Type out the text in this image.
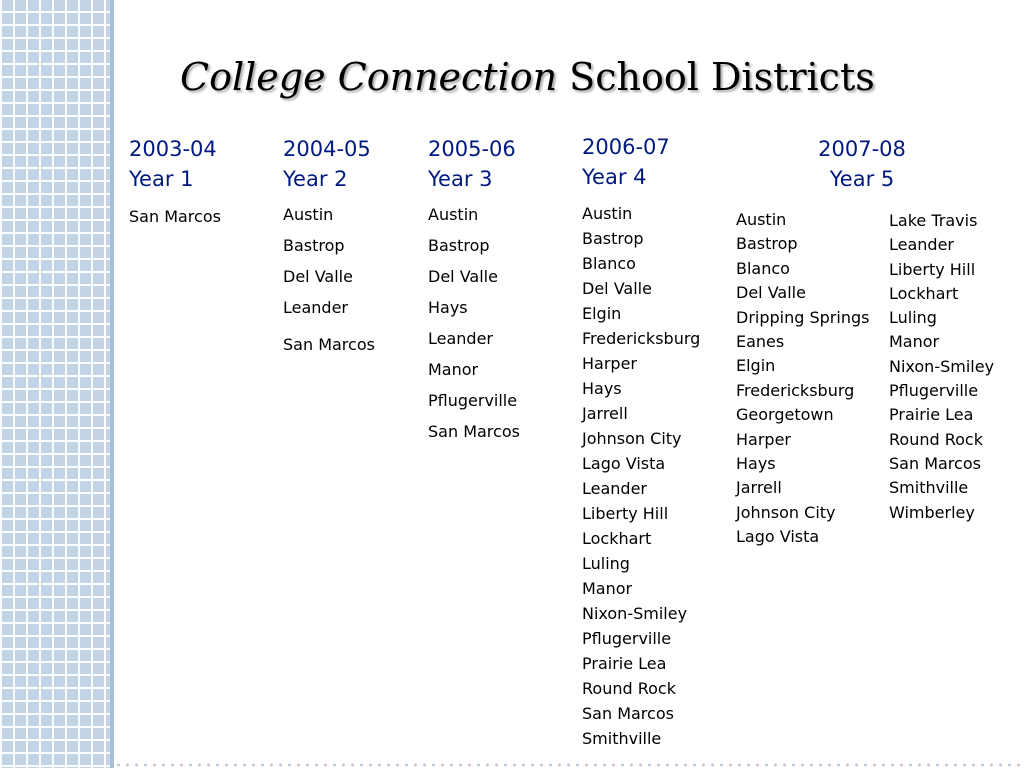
College Connection School Districts
2003-04
Year 1
San Marcos
2004-05
Year 2
Austin
Bastrop
Del Valle
Leander
San Marcos
2005-06
Year 3
Austin
Bastrop
Del Valle
Hays
Leander
Manor
Pflugerville
San Marcos
2006-07
Year 4
Austin
Bastrop
Blanco
Del Valle
Elgin
Fredericksburg
Harper
Hays
Jarrell
Johnson City
Lago Vista
Leander
Liberty Hill
Lockhart
Luling
Manor
Nixon-Smiley
Pflugerville
Prairie Lea
Round Rock
San Marcos
Smithville
2007-08
Year 5
Austin
Bastrop
Blanco
Del Valle
Dripping Springs
Eanes
Elgin
Fredericksburg
Georgetown
Harper
Hays
Jarrell
Johnson City
Lago Vista
Lake Travis
Leander
Liberty Hill
Lockhart
Luling
Manor
Nixon-Smiley
Pflugerville
Prairie Lea
Round Rock
San Marcos
Smithville
Wimberley
